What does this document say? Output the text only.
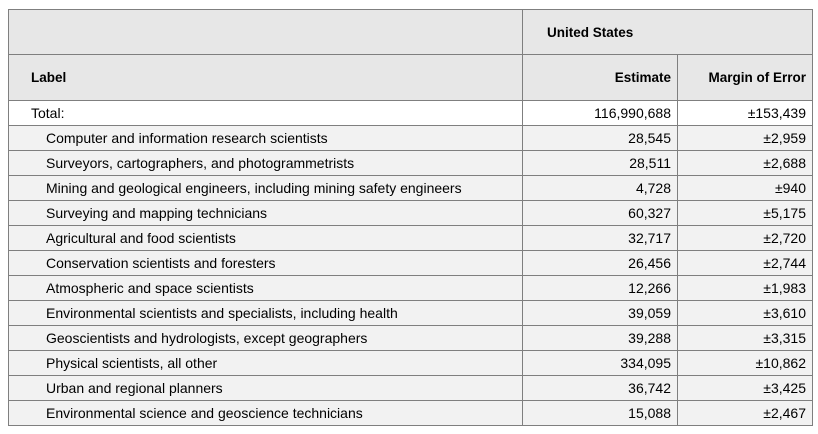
	United States	
Label	Estimate	Margin of Error
Total:	116,990,688	±153,439
Computer and information research scientists	28,545	±2,959
Surveyors, cartographers, and photogrammetrists	28,511	±2,688
Mining and geological engineers, including mining safety engineers	4,728	±940
Surveying and mapping technicians	60,327	±5,175
Agricultural and food scientists	32,717	±2,720
Conservation scientists and foresters	26,456	±2,744
Atmospheric and space scientists	12,266	±1,983
Environmental scientists and specialists, including health	39,059	±3,610
Geoscientists and hydrologists, except geographers	39,288	±3,315
Physical scientists, all other	334,095	±10,862
Urban and regional planners	36,742	±3,425
Environmental science and geoscience technicians	15,088	±2,467
